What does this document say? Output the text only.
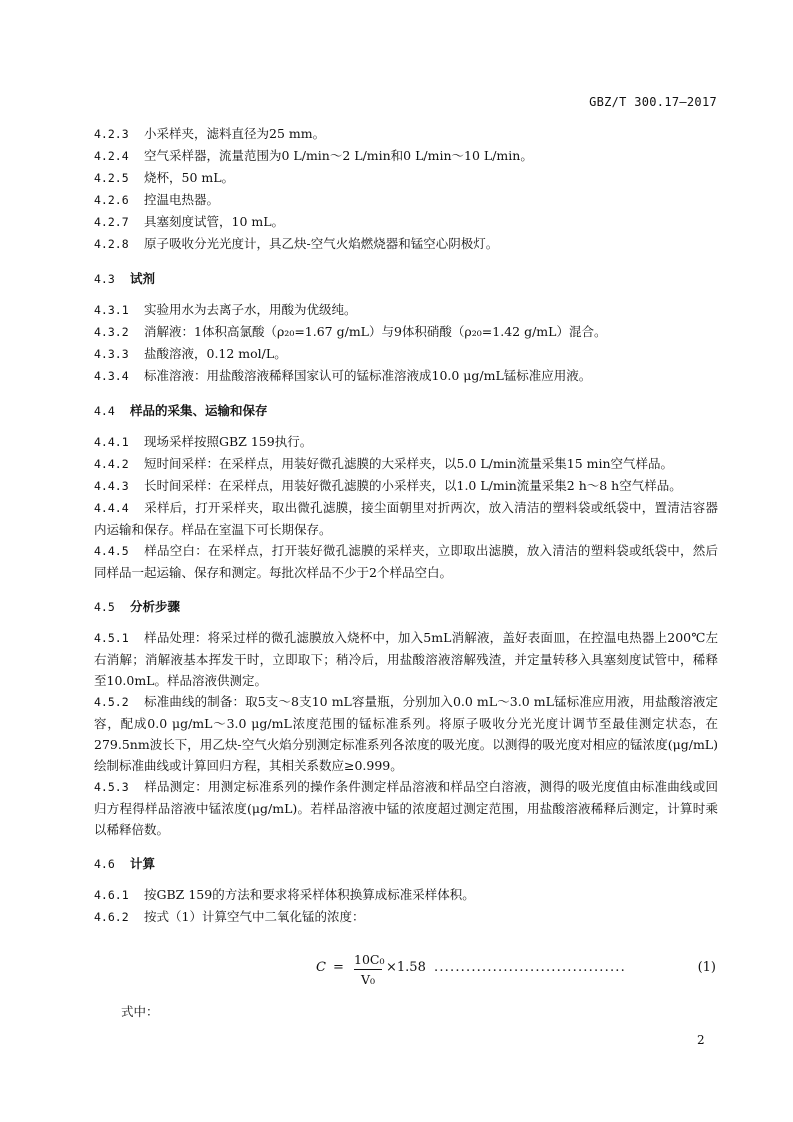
GBZ/T 300.17—2017

4.2.3 小采样夹，滤料直径为25 mm。

4.2.4 空气采样器，流量范围为0 L/min～2 L/min和0 L/min～10 L/min。

4.2.5 烧杯，50 mL。

4.2.6 控温电热器。

4.2.7 具塞刻度试管，10 mL。

4.2.8 原子吸收分光光度计，具乙炔-空气火焰燃烧器和锰空心阴极灯。

4.3 试剂

4.3.1 实验用水为去离子水，用酸为优级纯。

4.3.2 消解液：1体积高氯酸（ρ₂₀=1.67 g/mL）与9体积硝酸（ρ₂₀=1.42 g/mL）混合。

4.3.3 盐酸溶液，0.12 mol/L。

4.3.4 标准溶液：用盐酸溶液稀释国家认可的锰标准溶液成10.0 μg/mL锰标准应用液。

4.4 样品的采集、运输和保存

4.4.1 现场采样按照GBZ 159执行。

4.4.2 短时间采样：在采样点，用装好微孔滤膜的大采样夹，以5.0 L/min流量采集15 min空气样品。

4.4.3 长时间采样：在采样点，用装好微孔滤膜的小采样夹，以1.0 L/min流量采集2 h～8 h空气样品。

4.4.4 采样后，打开采样夹，取出微孔滤膜，接尘面朝里对折两次，放入清洁的塑料袋或纸袋中，置清洁容器内运输和保存。样品在室温下可长期保存。

4.4.5 样品空白：在采样点，打开装好微孔滤膜的采样夹，立即取出滤膜，放入清洁的塑料袋或纸袋中，然后同样品一起运输、保存和测定。每批次样品不少于2个样品空白。

4.5 分析步骤

4.5.1 样品处理：将采过样的微孔滤膜放入烧杯中，加入5mL消解液，盖好表面皿，在控温电热器上200℃左右消解；消解液基本挥发干时，立即取下；稍冷后，用盐酸溶液溶解残渣，并定量转移入具塞刻度试管中，稀释至10.0mL。样品溶液供测定。

4.5.2 标准曲线的制备：取5支～8支10 mL容量瓶，分别加入0.0 mL～3.0 mL锰标准应用液，用盐酸溶液定容，配成0.0 μg/mL～3.0 μg/mL浓度范围的锰标准系列。将原子吸收分光光度计调节至最佳测定状态，在279.5nm波长下，用乙炔-空气火焰分别测定标准系列各浓度的吸光度。以测得的吸光度对相应的锰浓度(μg/mL)绘制标准曲线或计算回归方程，其相关系数应≥0.999。

4.5.3 样品测定：用测定标准系列的操作条件测定样品溶液和样品空白溶液，测得的吸光度值由标准曲线或回归方程得样品溶液中锰浓度(μg/mL)。若样品溶液中锰的浓度超过测定范围，用盐酸溶液稀释后测定，计算时乘以稀释倍数。

4.6 计算

4.6.1 按GBZ 159的方法和要求将采样体积换算成标准采样体积。

4.6.2 按式（1）计算空气中二氧化锰的浓度：

C =
10C₀
V₀
×1.58 ....................................	(1)
式中：
2
